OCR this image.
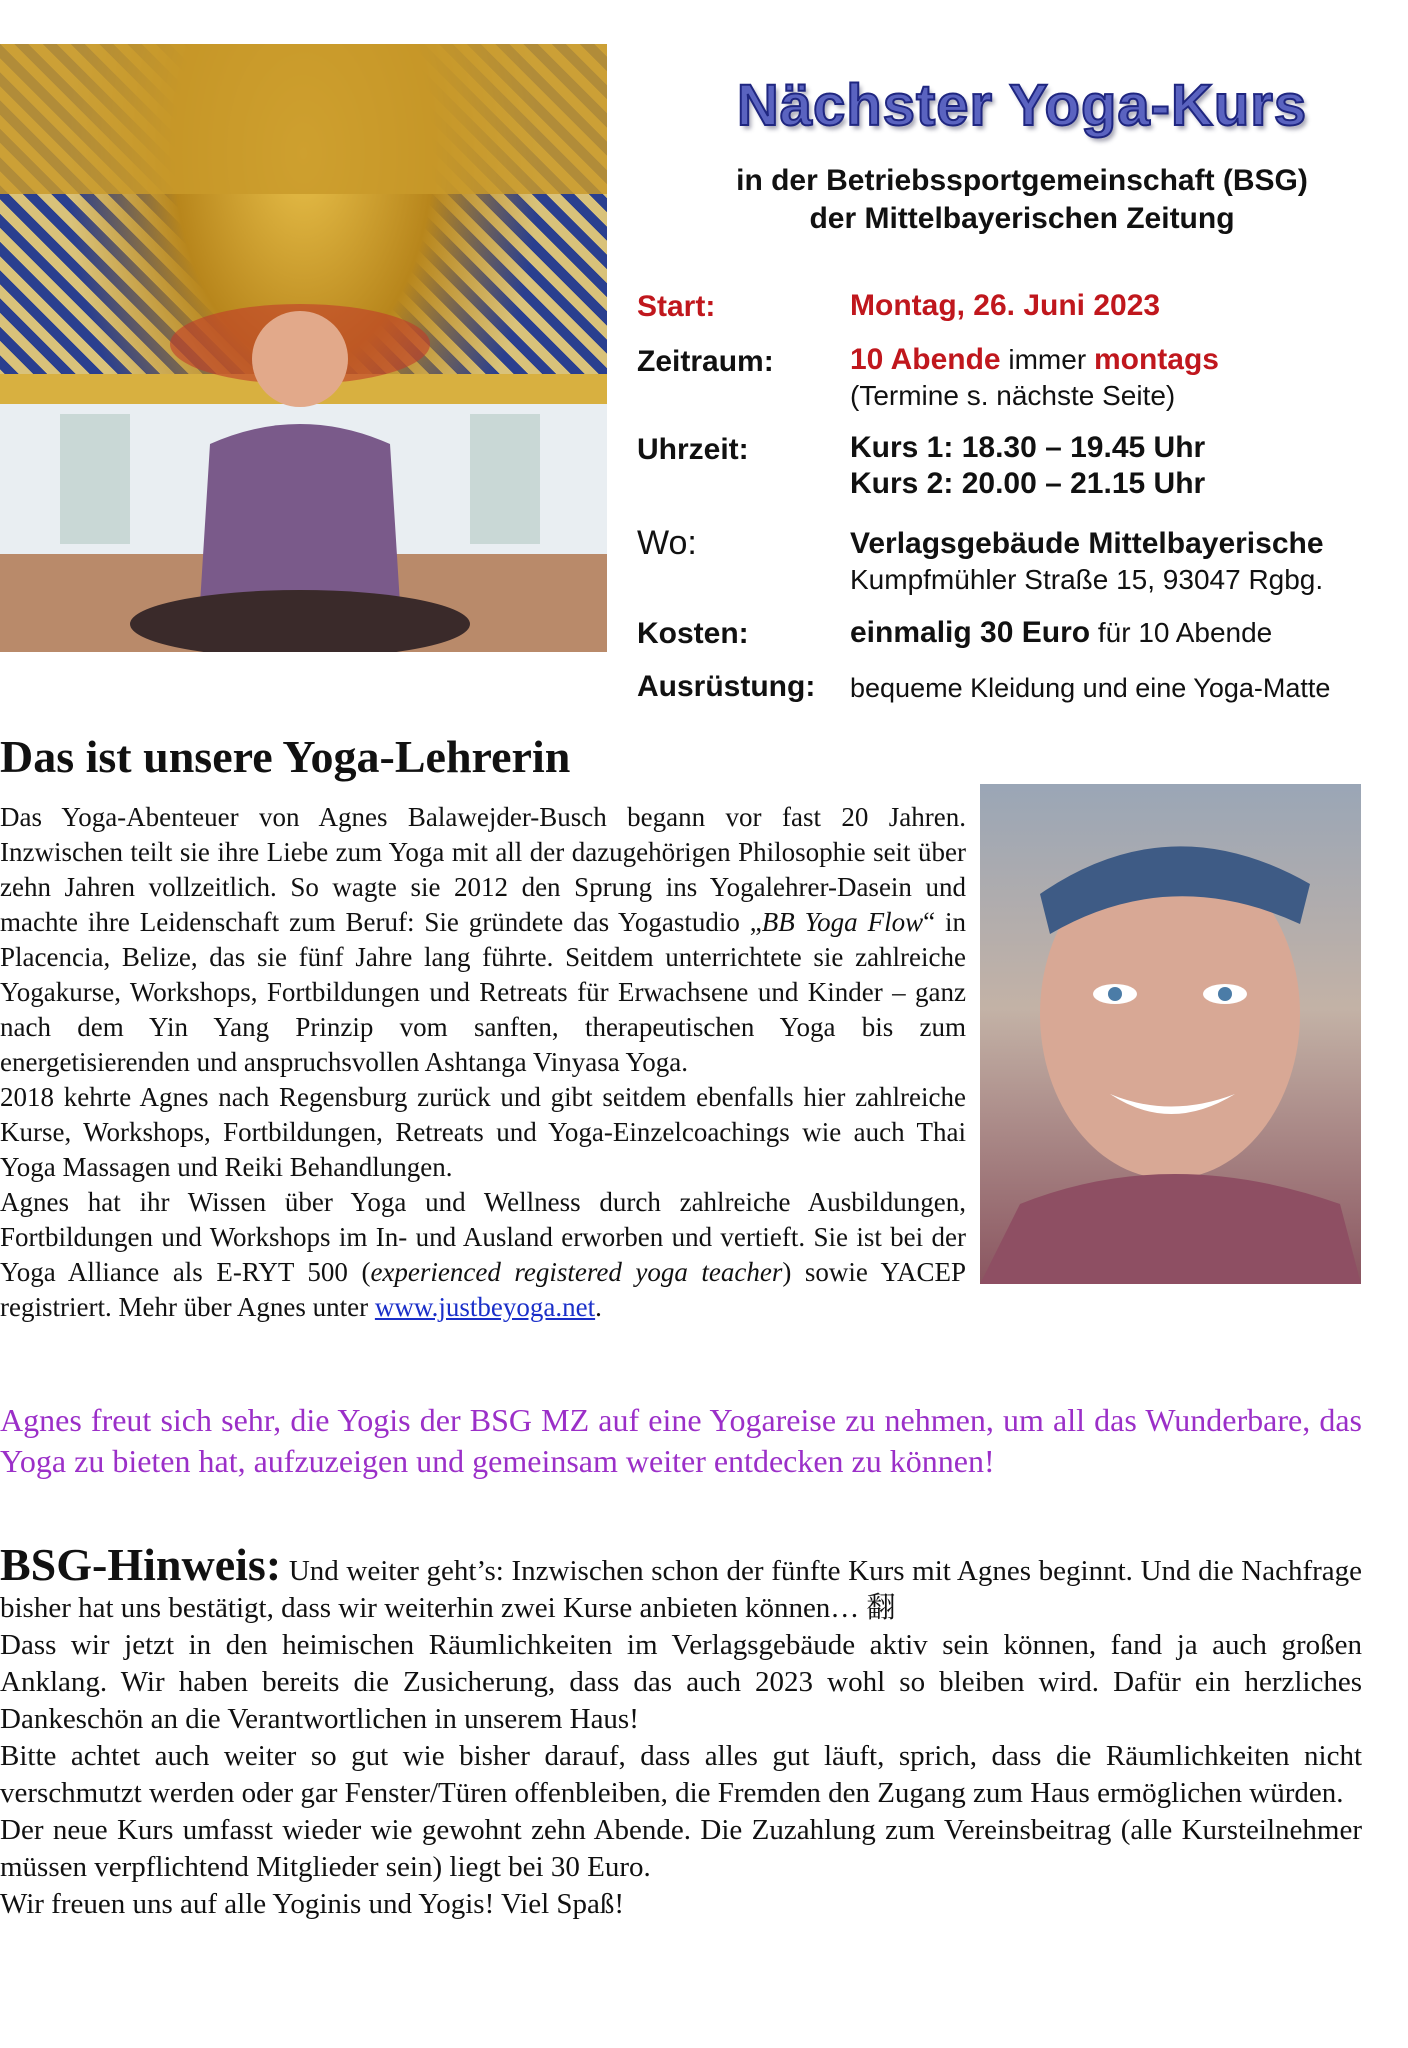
Nächster Yoga-Kurs
in der Betriebssportgemeinschaft (BSG)
der Mittelbayerischen Zeitung
Start:	Montag, 26. Juni 2023
Zeitraum:	10 Abende immer montags
(Termine s. nächste Seite)
Uhrzeit:	Kurs 1: 18.30 – 19.45 Uhr
Kurs 2: 20.00 – 21.15 Uhr
Wo:	Verlagsgebäude Mittelbayerische
Kumpfmühler Straße 15, 93047 Rgbg.
Kosten:	einmalig 30 Euro für 10 Abende
Ausrüstung:	bequeme Kleidung und eine Yoga-Matte
Das ist unsere Yoga-Lehrerin

Das Yoga-Abenteuer von Agnes Balawejder-Busch begann vor fast 20 Jahren. Inzwischen teilt sie ihre Liebe zum Yoga mit all der dazugehörigen Philosophie seit über zehn Jahren vollzeitlich. So wagte sie 2012 den Sprung ins Yogalehrer-Dasein und machte ihre Leidenschaft zum Beruf: Sie gründete das Yogastudio „BB Yoga Flow“ in Placencia, Belize, das sie fünf Jahre lang führte. Seitdem unterrichtete sie zahlreiche Yogakurse, Workshops, Fortbildungen und Retreats für Erwachsene und Kinder – ganz nach dem Yin Yang Prinzip vom sanften, therapeutischen Yoga bis zum energetisierenden und anspruchsvollen Ashtanga Vinyasa Yoga.

2018 kehrte Agnes nach Regensburg zurück und gibt seitdem ebenfalls hier zahlreiche Kurse, Workshops, Fortbildungen, Retreats und Yoga-Einzelcoachings wie auch Thai Yoga Massagen und Reiki Behandlungen.

Agnes hat ihr Wissen über Yoga und Wellness durch zahlreiche Ausbildungen, Fortbildungen und Workshops im In- und Ausland erworben und vertieft. Sie ist bei der Yoga Alliance als E-RYT 500 (experienced registered yoga teacher) sowie YACEP registriert. Mehr über Agnes unter www.justbeyoga.net.

Agnes freut sich sehr, die Yogis der BSG MZ auf eine Yogareise zu nehmen, um all das Wunderbare, das Yoga zu bieten hat, aufzuzeigen und gemeinsam weiter entdecken zu können!

BSG-Hinweis: Und weiter geht’s: Inzwischen schon der fünfte Kurs mit Agnes beginnt. Und die Nachfrage bisher hat uns bestätigt, dass wir weiterhin zwei Kurse anbieten können… 翻

Dass wir jetzt in den heimischen Räumlichkeiten im Verlagsgebäude aktiv sein können, fand ja auch großen Anklang. Wir haben bereits die Zusicherung, dass das auch 2023 wohl so bleiben wird. Dafür ein herzliches Dankeschön an die Verantwortlichen in unserem Haus!

Bitte achtet auch weiter so gut wie bisher darauf, dass alles gut läuft, sprich, dass die Räumlichkeiten nicht verschmutzt werden oder gar Fenster/Türen offenbleiben, die Fremden den Zugang zum Haus ermöglichen würden.

Der neue Kurs umfasst wieder wie gewohnt zehn Abende. Die Zuzahlung zum Vereinsbeitrag (alle Kursteilnehmer müssen verpflichtend Mitglieder sein) liegt bei 30 Euro.

Wir freuen uns auf alle Yoginis und Yogis! Viel Spaß!
